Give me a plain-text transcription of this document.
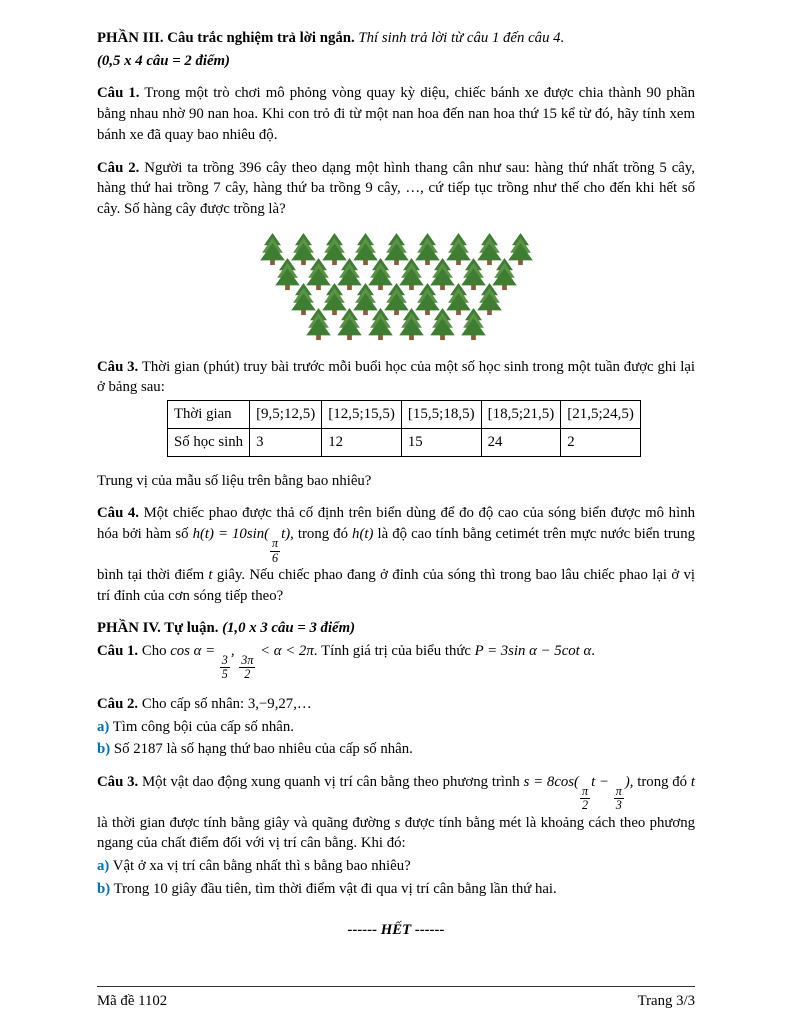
PHẦN III. Câu trắc nghiệm trả lời ngắn. Thí sinh trả lời từ câu 1 đến câu 4.

(0,5 x 4 câu = 2 điểm)

Câu 1. Trong một trò chơi mô phỏng vòng quay kỳ diệu, chiếc bánh xe được chia thành 90 phần bằng nhau nhờ 90 nan hoa. Khi con trỏ đi từ một nan hoa đến nan hoa thứ 15 kể từ đó, hãy tính xem bánh xe đã quay bao nhiêu độ.

Câu 2. Người ta trồng 396 cây theo dạng một hình thang cân như sau: hàng thứ nhất trồng 5 cây, hàng thứ hai trồng 7 cây, hàng thứ ba trồng 9 cây, …, cứ tiếp tục trồng như thế cho đến khi hết số cây. Số hàng cây được trồng là?

Câu 3. Thời gian (phút) truy bài trước mỗi buổi học của một số học sinh trong một tuần được ghi lại ở bảng sau:

Thời gian	[9,5;12,5)	[12,5;15,5)	[15,5;18,5)	[18,5;21,5)	[21,5;24,5)
Số học sinh	3	12	15	24	2

Trung vị của mẫu số liệu trên bằng bao nhiêu?

Câu 4. Một chiếc phao được thả cố định trên biển dùng để đo độ cao của sóng biển được mô hình hóa bởi hàm số h(t) = 10sin(
$\frac{\pi}{6}$
t), trong đó h(t) là độ cao tính bằng cetimét trên mực nước biển trung bình tại thời điểm t giây. Nếu chiếc phao đang ở đỉnh của sóng thì trong bao lâu chiếc phao lại ở vị trí đỉnh của cơn sóng tiếp theo?

PHẦN IV. Tự luận. (1,0 x 3 câu = 3 điểm)

Câu 1. Cho cos α =
$\frac{3}{5}$
,
$\frac{3\pi}{2}$
< α < 2π. Tính giá trị của biểu thức P = 3sin α − 5cot α.

Câu 2. Cho cấp số nhân: 3,−9,27,…

a) Tìm công bội của cấp số nhân.

b) Số 2187 là số hạng thứ bao nhiêu của cấp số nhân.

Câu 3. Một vật dao động xung quanh vị trí cân bằng theo phương trình s = 8cos(
$\frac{\pi}{2}$
t −
$\frac{\pi}{3}$
), trong đó t là thời gian được tính bằng giây và quãng đường s được tính bằng mét là khoảng cách theo phương ngang của chất điểm đối với vị trí cân bằng. Khi đó:

a) Vật ở xa vị trí cân bằng nhất thì s bằng bao nhiêu?

b) Trong 10 giây đầu tiên, tìm thời điểm vật đi qua vị trí cân bằng lần thứ hai.

------ HẾT ------

Mã đề 1102	Trang 3/3
